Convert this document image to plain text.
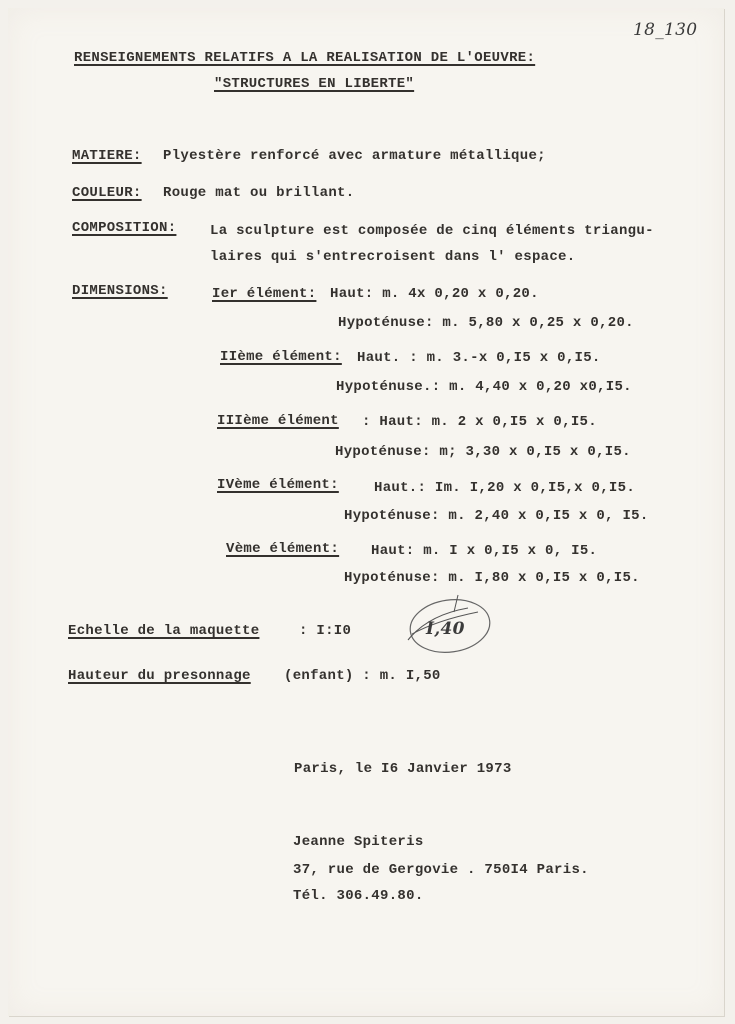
18_130
RENSEIGNEMENTS RELATIFS A LA REALISATION DE L'OEUVRE:
"STRUCTURES EN LIBERTE"
MATIERE: Plyestère renforcé avec armature métallique;
COULEUR: Rouge mat ou brillant.
COMPOSITION: La sculpture est composée de cinq éléments triangu-
laires qui s'entrecroisent dans l' espace.
DIMENSIONS:	Ier élément: Haut: m. 4x 0,20 x 0,20.
Hypoténuse: m. 5,80 x 0,25 x 0,20.
IIème élément: Haut. : m. 3.-x 0,I5 x 0,I5.
Hypoténuse.: m. 4,40 x 0,20 x0,I5.
IIIème élément : Haut: m. 2 x 0,I5 x 0,I5.
Hypoténuse: m; 3,30 x 0,I5 x 0,I5.
IVème élément:	Haut.: Im. I,20 x 0,I5,x 0,I5.
Hypoténuse: m. 2,40 x 0,I5 x 0, I5.
Vème élément: Haut: m. I x 0,I5 x 0, I5.
Hypoténuse: m. I,80 x 0,I5 x 0,I5.
I,40
Echelle de la maquette	: I:I0
Hauteur du presonnage (enfant) : m. I,50
Paris, le I6 Janvier 1973
Jeanne Spiteris
37, rue de Gergovie . 750I4 Paris.
Tél. 306.49.80.
